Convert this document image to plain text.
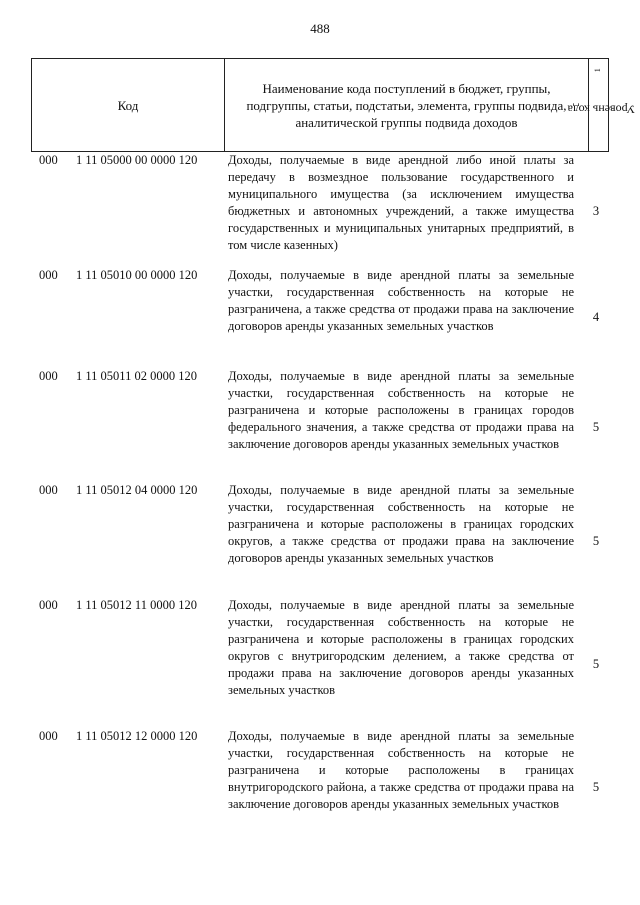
488
Код
Наименование кода поступлений в бюджет, группы, подгруппы, статьи, подстатьи, элемента, группы подвида, аналитической группы подвида доходов
Уровень кода $^1$
000 1 11 05000 00 0000 120 Доходы, получаемые в виде арендной либо иной платы за передачу в возмездное пользование государственного и муниципального имущества (за исключением имущества бюджетных и автономных учреждений, а также имущества государственных и муниципальных унитарных предприятий, в том числе казенных)
3
000 1 11 05010 00 0000 120 Доходы, получаемые в виде арендной платы за земельные участки, государственная собственность на которые не разграничена, а также средства от продажи права на заключение договоров аренды указанных земельных участков
4
000 1 11 05011 02 0000 120 Доходы, получаемые в виде арендной платы за земельные участки, государственная собственность на которые не разграничена и которые расположены в границах городов федерального значения, а также средства от продажи права на заключение договоров аренды указанных земельных участков
5
000 1 11 05012 04 0000 120 Доходы, получаемые в виде арендной платы за земельные участки, государственная собственность на которые не разграничена и которые расположены в границах городских округов, а также средства от продажи права на заключение договоров аренды указанных земельных участков
5
000 1 11 05012 11 0000 120 Доходы, получаемые в виде арендной платы за земельные участки, государственная собственность на которые не разграничена и которые расположены в границах городских округов с внутригородским делением, а также средства от продажи права на заключение договоров аренды указанных земельных участков
5
000 1 11 05012 12 0000 120 Доходы, получаемые в виде арендной платы за земельные участки, государственная собственность на которые не разграничена и которые расположены в границах внутригородского района, а также средства от продажи права на заключение договоров аренды указанных земельных участков
5
